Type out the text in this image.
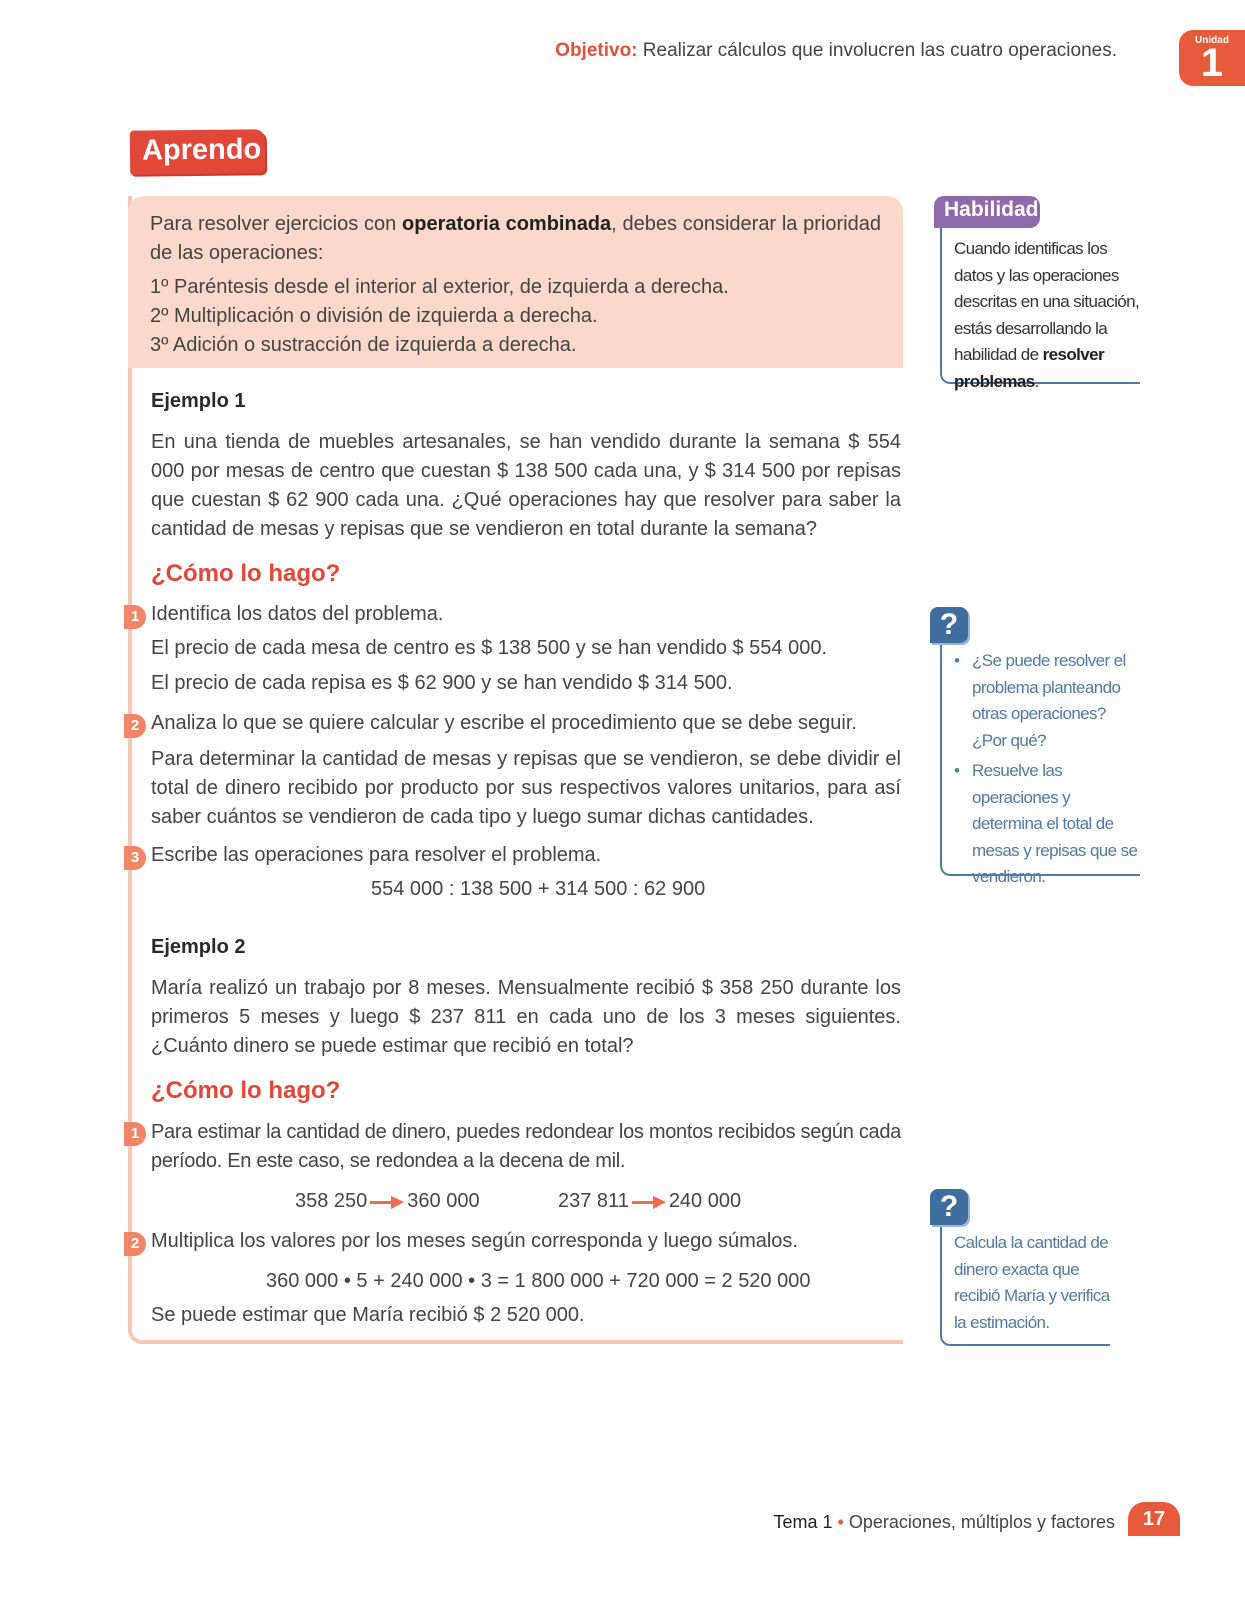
Objetivo: Realizar cálculos que involucren las cuatro operaciones.	Unidad
1
Aprendo

Para resolver ejercicios con operatoria combinada, debes considerar la prioridad de las operaciones:

1º Paréntesis desde el interior al exterior, de izquierda a derecha.
2º Multiplicación o división de izquierda a derecha.
3º Adición o sustracción de izquierda a derecha.
Ejemplo 1
En una tienda de muebles artesanales, se han vendido durante la semana $ 554 000 por mesas de centro que cuestan $ 138 500 cada una, y $ 314 500 por repisas que cuestan $ 62 900 cada una. ¿Qué operaciones hay que resolver para saber la cantidad de mesas y repisas que se vendieron en total durante la semana?
¿Cómo lo hago?
1 Identifica los datos del problema.
El precio de cada mesa de centro es $ 138 500 y se han vendido $ 554 000.
El precio de cada repisa es $ 62 900 y se han vendido $ 314 500.
2 Analiza lo que se quiere calcular y escribe el procedimiento que se debe seguir.
Para determinar la cantidad de mesas y repisas que se vendieron, se debe dividir el total de dinero recibido por producto por sus respectivos valores unitarios, para así saber cuántos se vendieron de cada tipo y luego sumar dichas cantidades.
3 Escribe las operaciones para resolver el problema.
554 000 : 138 500 + 314 500 : 62 900
Ejemplo 2
María realizó un trabajo por 8 meses. Mensualmente recibió $ 358 250 durante los primeros 5 meses y luego $ 237 811 en cada uno de los 3 meses siguientes. ¿Cuánto dinero se puede estimar que recibió en total?
¿Cómo lo hago?
1 Para estimar la cantidad de dinero, puedes redondear los montos recibidos según cada período. En este caso, se redondea a la decena de mil.
358 250 360 000	237 811 240 000
2 Multiplica los valores por los meses según corresponda y luego súmalos.
360 000 • 5 + 240 000 • 3 = 1 800 000 + 720 000 = 2 520 000
Se puede estimar que María recibió $ 2 520 000.

Cuando identificas los datos y las operaciones descritas en una situación, estás desarrollando la habilidad de resolver problemas.

Habilidad

• ¿Se puede resolver el problema planteando otras operaciones? ¿Por qué?

• Resuelve las operaciones y determina el total de mesas y repisas que se vendieron.

?

Calcula la cantidad de dinero exacta que recibió María y verifica la estimación.

?
Tema 1 • Operaciones, múltiplos y factores	17
